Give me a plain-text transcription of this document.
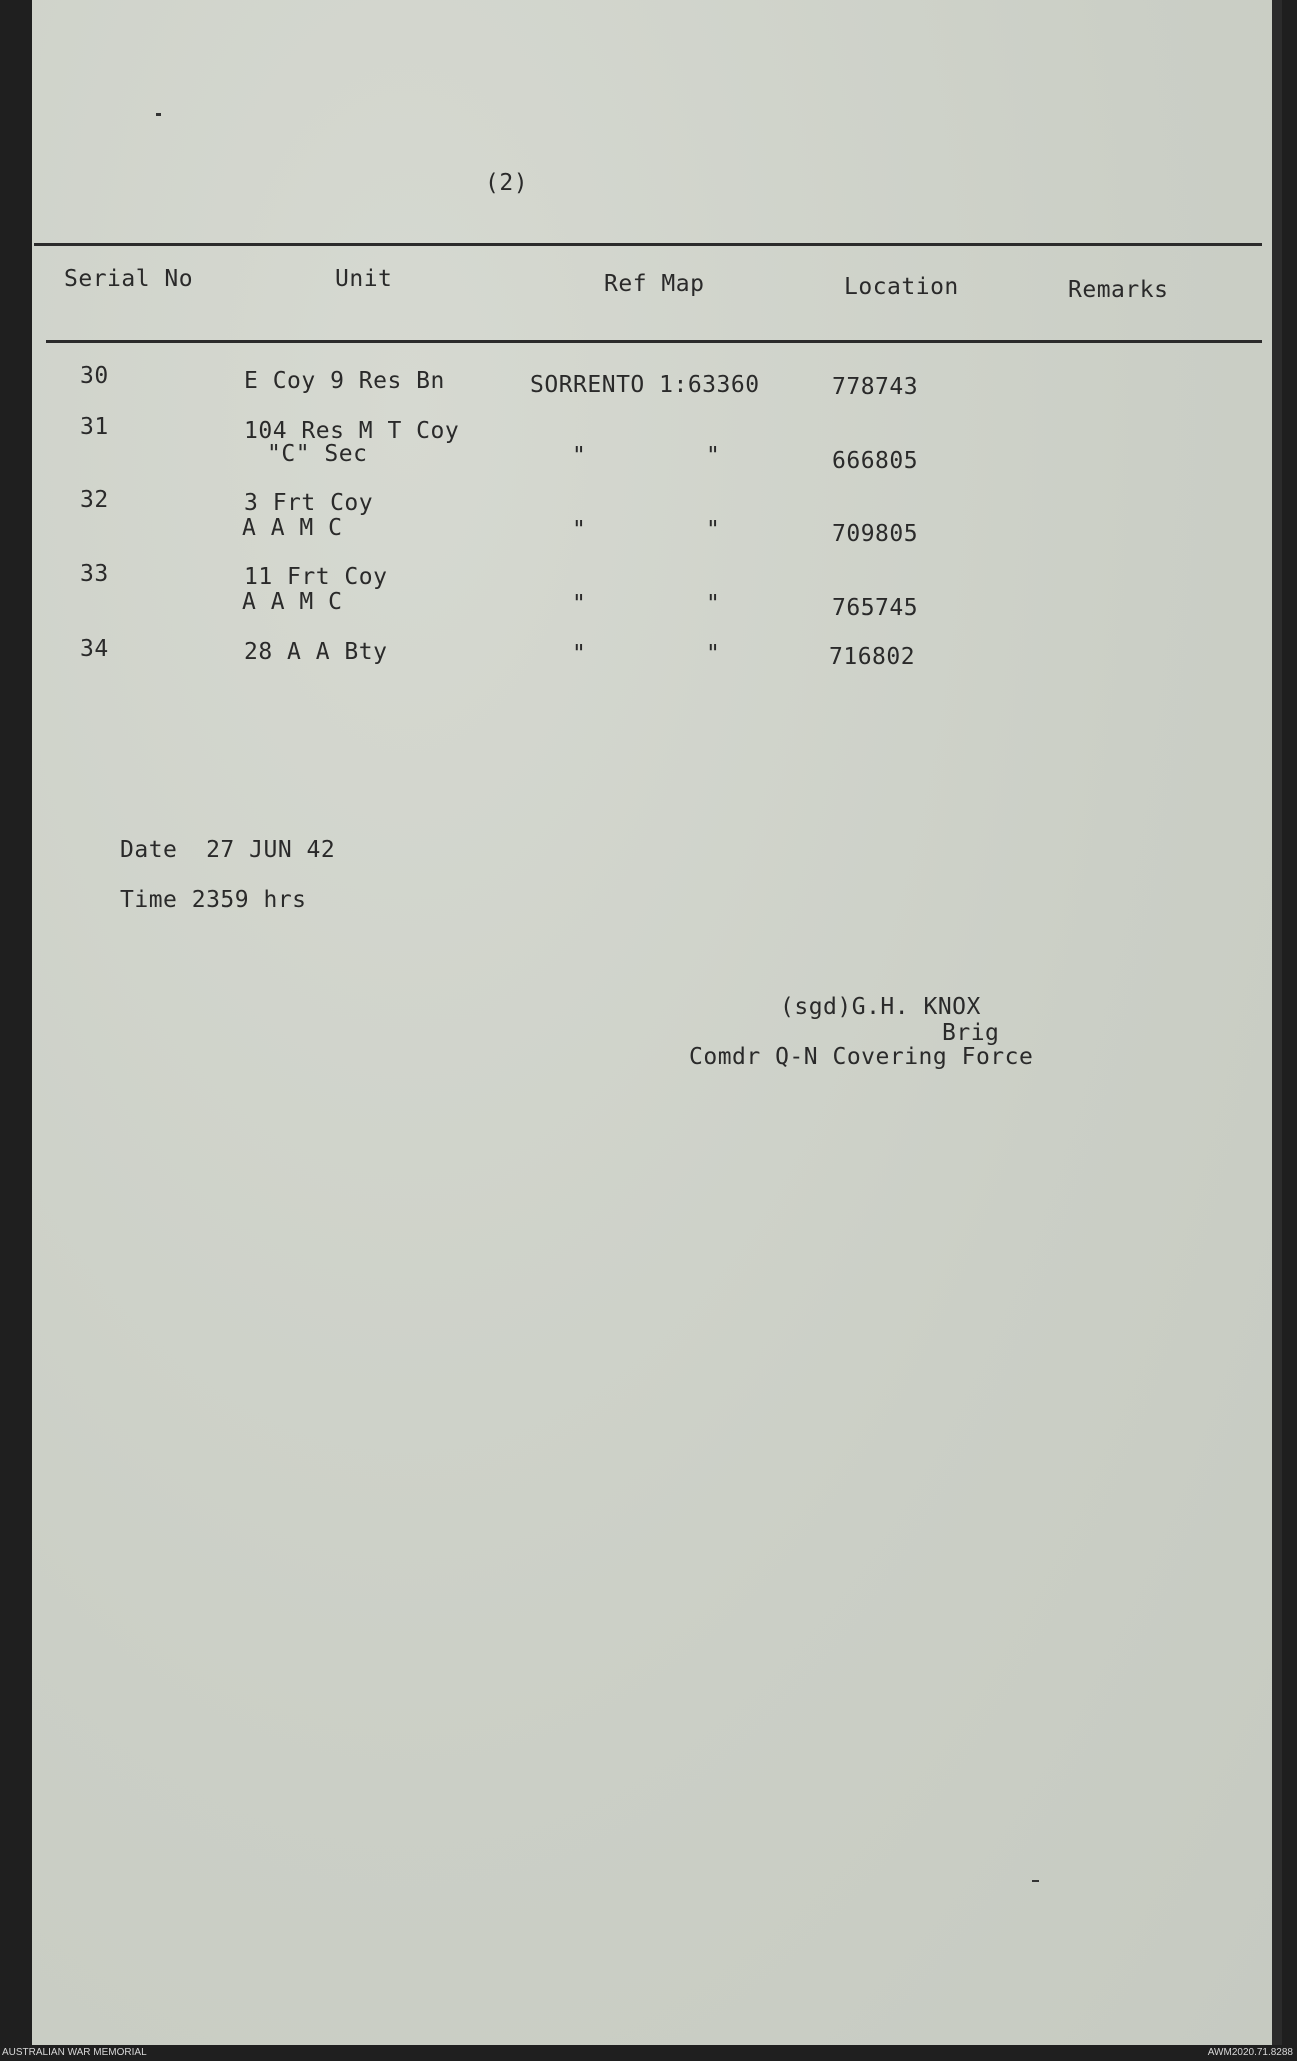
(2)
Serial No	Unit	Ref Map	Location	Remarks
30	E Coy 9 Res Bn	SORRENTO 1:63360	778743
31	104 Res M T Coy
"C" Sec	"	"	666805
32	3 Frt Coy
A A M C	"	"	709805
33	11 Frt Coy
A A M C	"	"	765745
34	28 A A Bty	"	"	716802
Date  27 JUN 42
Time 2359 hrs
(sgd)G.H. KNOX
Brig
Comdr Q-N Covering Force
AUSTRALIAN WAR MEMORIAL	AWM2020.71.8288
